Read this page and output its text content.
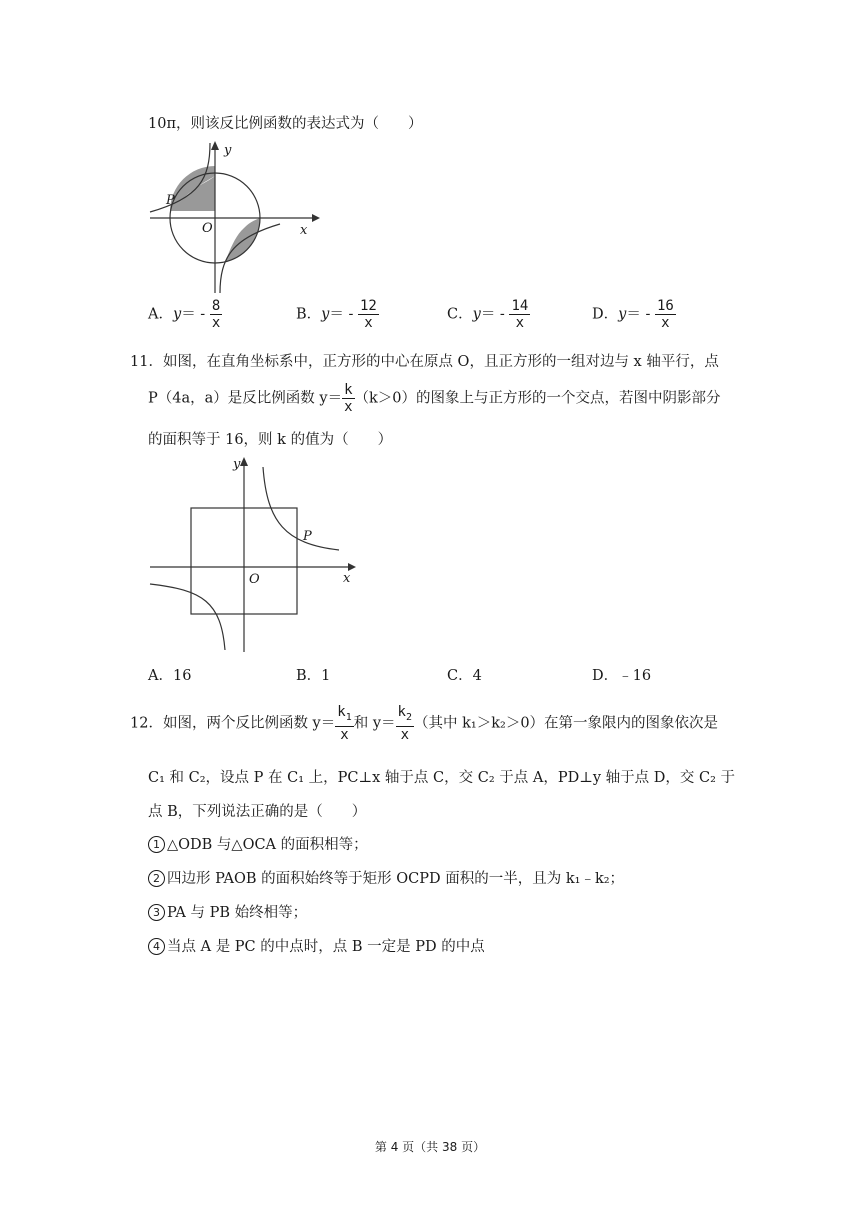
10π，则该反比例函数的表达式为（　　）
y
x
O
P
A．$y= - \frac{8}{x}$	B．$y= - \frac{12}{x}$	C．$y= - \frac{14}{x}$	D．$y= - \frac{16}{x}$
11．如图，在直角坐标系中，正方形的中心在原点 O，且正方形的一组对边与 x 轴平行，点
P（4a，a）是反比例函数 $y= \frac{k}{x} (k>0)$的图象上与正方形的一个交点，若图中阴影部分
的面积等于 16，则 k 的值为（　　）
y
x
O
P
A．16	B．1	C．4	D．﹣16
12．如图，两个反比例函数 $y= \frac{k_1}{x}$ 和 $y= \frac{k_2}{x}$ （其中 k₁＞k₂＞0）在第一象限内的图象依次是
C₁ 和 C₂，设点 P 在 C₁ 上，PC⊥x 轴于点 C，交 C₂ 于点 A，PD⊥y 轴于点 D，交 C₂ 于
点 B，下列说法正确的是（　　）
1 △ODB 与△OCA 的面积相等；
2 四边形 PAOB 的面积始终等于矩形 OCPD 面积的一半，且为 k₁﹣k₂；
3 PA 与 PB 始终相等；
4 当点 A 是 PC 的中点时，点 B 一定是 PD 的中点
第 4 页（共 38 页）
